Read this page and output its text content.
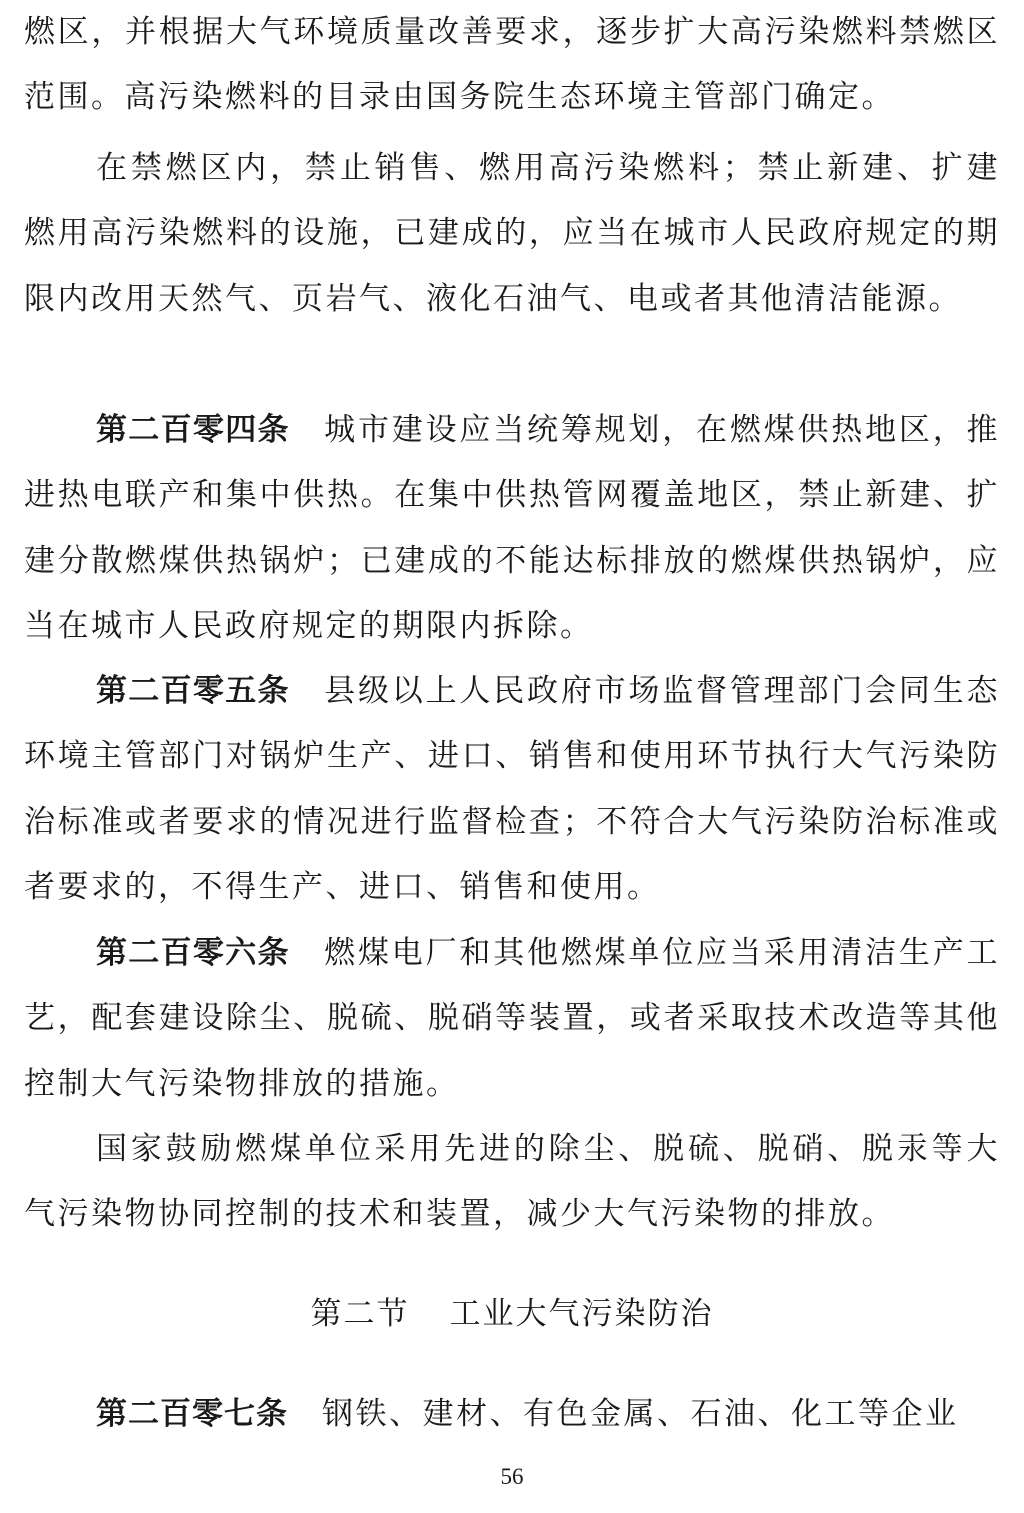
燃区，并根据大气环境质量改善要求，逐步扩大高污染燃料禁燃区范围。高污染燃料的目录由国务院生态环境主管部门确定。

在禁燃区内，禁止销售、燃用高污染燃料；禁止新建、扩建燃用高污染燃料的设施，已建成的，应当在城市人民政府规定的期限内改用天然气、页岩气、液化石油气、电或者其他清洁能源。

第二百零四条 城市建设应当统筹规划，在燃煤供热地区，推进热电联产和集中供热。在集中供热管网覆盖地区，禁止新建、扩建分散燃煤供热锅炉；已建成的不能达标排放的燃煤供热锅炉，应当在城市人民政府规定的期限内拆除。

第二百零五条 县级以上人民政府市场监督管理部门会同生态环境主管部门对锅炉生产、进口、销售和使用环节执行大气污染防治标准或者要求的情况进行监督检查；不符合大气污染防治标准或者要求的，不得生产、进口、销售和使用。

第二百零六条 燃煤电厂和其他燃煤单位应当采用清洁生产工艺，配套建设除尘、脱硫、脱硝等装置，或者采取技术改造等其他控制大气污染物排放的措施。

国家鼓励燃煤单位采用先进的除尘、脱硫、脱硝、脱汞等大气污染物协同控制的技术和装置，减少大气污染物的排放。

第二节 工业大气污染防治

第二百零七条 钢铁、建材、有色金属、石油、化工等企业

56
